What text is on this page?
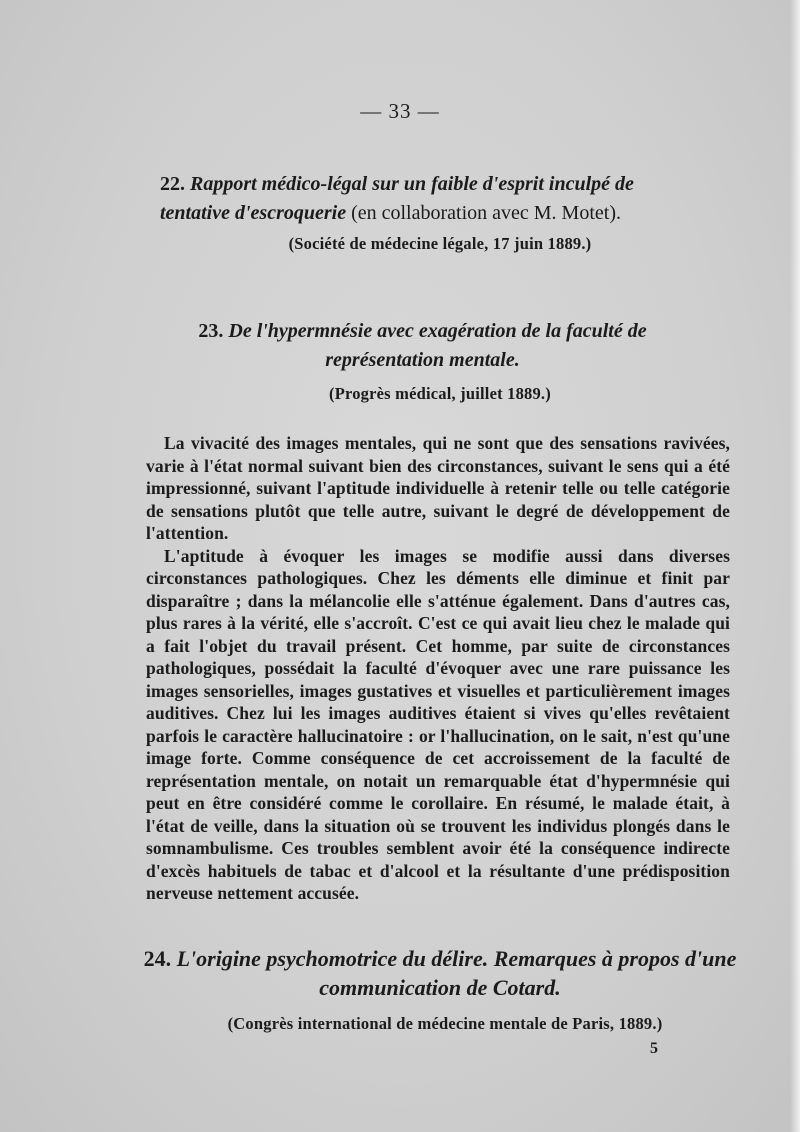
— 33 —
22. Rapport médico-légal sur un faible d'esprit inculpé de tentative d'escroquerie (en collaboration avec M. Motet).
(Société de médecine légale, 17 juin 1889.)
23. De l'hypermnésie avec exagération de la faculté de représentation mentale.
(Progrès médical, juillet 1889.)

La vivacité des images mentales, qui ne sont que des sensations ravivées, varie à l'état normal suivant bien des circonstances, suivant le sens qui a été impressionné, suivant l'aptitude individuelle à retenir telle ou telle catégorie de sensations plutôt que telle autre, suivant le degré de développement de l'attention.

L'aptitude à évoquer les images se modifie aussi dans diverses circonstances pathologiques. Chez les déments elle diminue et finit par disparaître ; dans la mélancolie elle s'atténue également. Dans d'autres cas, plus rares à la vérité, elle s'accroît. C'est ce qui avait lieu chez le malade qui a fait l'objet du travail présent. Cet homme, par suite de circonstances pathologiques, possédait la faculté d'évoquer avec une rare puissance les images sensorielles, images gustatives et visuelles et particulièrement images auditives. Chez lui les images auditives étaient si vives qu'elles revêtaient parfois le caractère hallucinatoire : or l'hallucination, on le sait, n'est qu'une image forte. Comme conséquence de cet accroissement de la faculté de représentation mentale, on notait un remarquable état d'hypermnésie qui peut en être considéré comme le corollaire. En résumé, le malade était, à l'état de veille, dans la situation où se trouvent les individus plongés dans le somnambulisme. Ces troubles semblent avoir été la conséquence indirecte d'excès habituels de tabac et d'alcool et la résultante d'une prédisposition nerveuse nettement accusée.

24. L'origine psychomotrice du délire. Remarques à propos d'une communication de Cotard.
(Congrès international de médecine mentale de Paris, 1889.)
5
